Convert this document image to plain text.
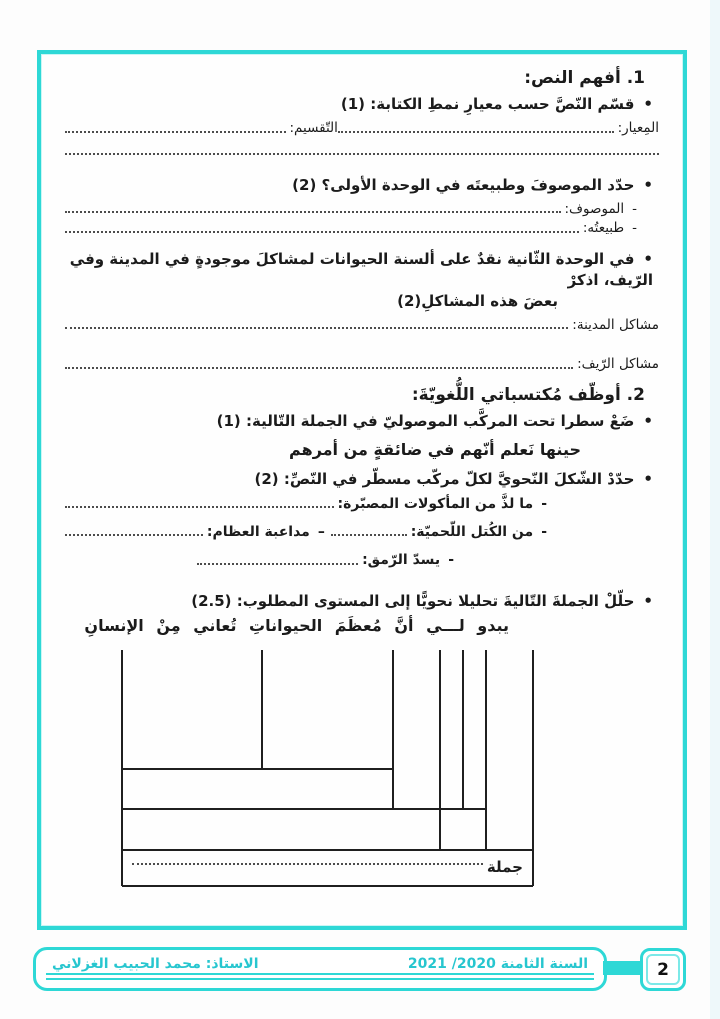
1. أفهم النص:
•قسّم النّصَّ حسب معيارِ نمطِ الكتابة: (1)
المِعيار:
التّقسيم:
•حدّد الموصوفَ وطبيعتَه في الوحدة الأولى؟ (2)
-
الموصوف:
-
طبيعتُه:
•في الوحدة الثّانية نقدٌ على ألسنة الحيوانات لمشاكلَ موجودةٍ في المدينة وفي الرّيف، اذكرْ
بعضَ هذه المشاكلِ(2)
مشاكل المدينة:
مشاكل الرّيف:
2. أوظّف مُكتسباتي اللُّغويّةَ:
•ضَعْ سطرا تحت المركَّب الموصوليّ في الجملة التّالية: (1)
حينها نَعلم أنّهم في ضائقةٍ من أمرهم
•حدّدْ الشّكلَ النّحويَّ لكلّ مركّب مسطّر في النّصِّ: (2)
-
ما لذَّ من المأكولات المصبّرة:
-
من الكُتل اللّحميّة:
–
مداعبة العظام:
-
يسدّ الرّمق:
•حلّلْ الجملةَ التّاليةَ تحليلا نحويًّا إلى المستوى المطلوب: (2.5)
يبدو لـــي أنَّ مُعظَمَ الحيواناتِ تُعاني مِنْ الإنسانِ
جملة
السنة الثامنة 2020/ 2021
الاستاذ: محمد الحبيب الغزلاني	2
